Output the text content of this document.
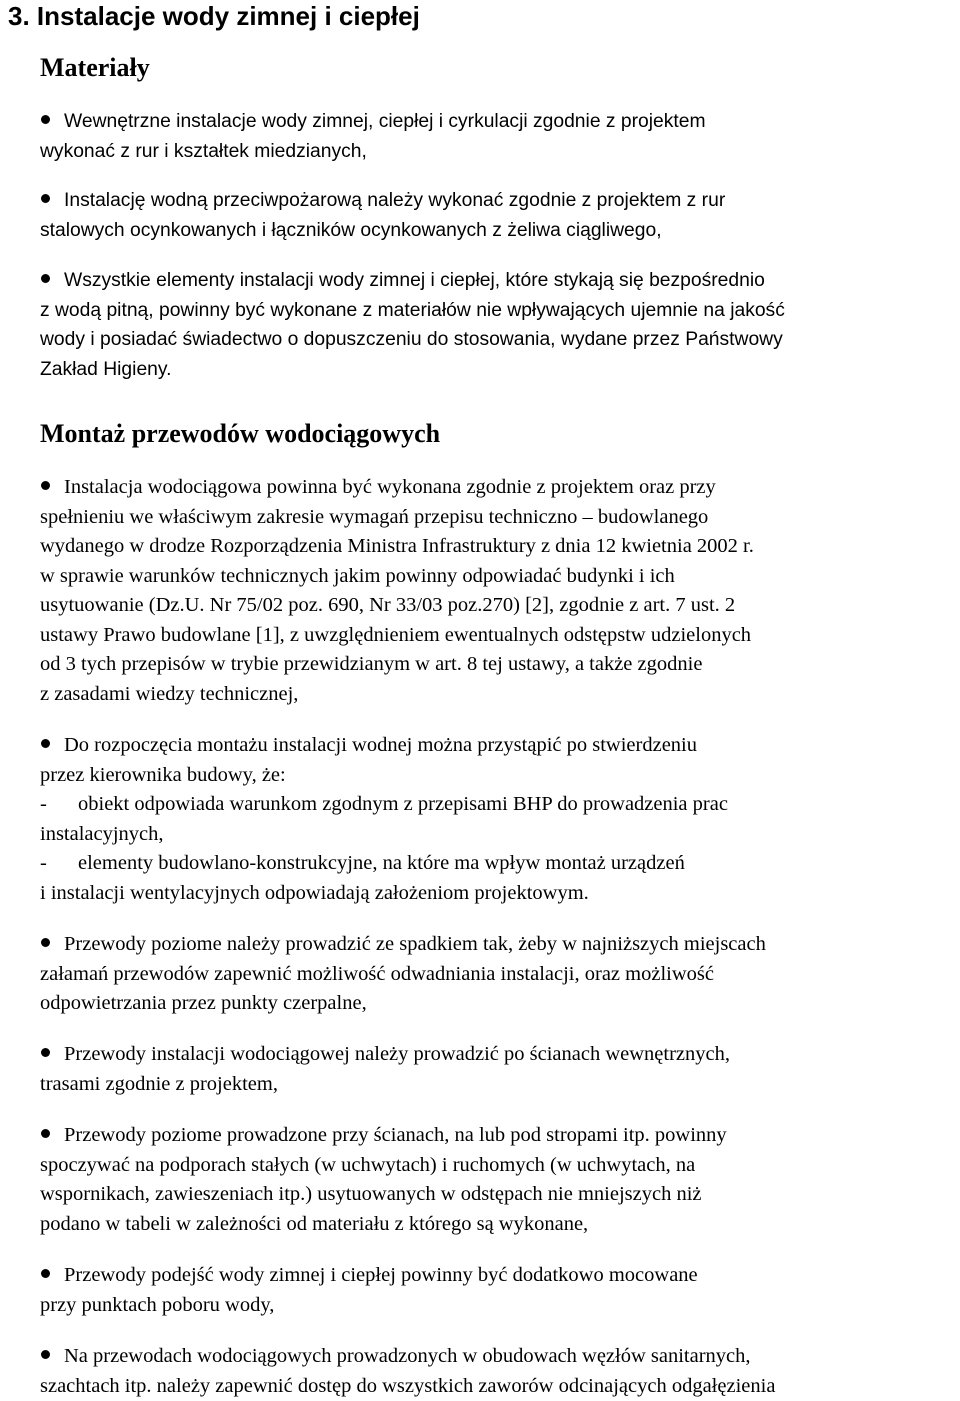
3. Instalacje wody zimnej i ciepłej
Materiały

Wewnętrzne instalacje wody zimnej, ciepłej i cyrkulacji zgodnie z projektem
wykonać z rur i kształtek miedzianych,

Instalację wodną przeciwpożarową należy wykonać zgodnie z projektem z rur
stalowych ocynkowanych i łączników ocynkowanych z żeliwa ciągliwego,

Wszystkie elementy instalacji wody zimnej i ciepłej, które stykają się bezpośrednio
z wodą pitną, powinny być wykonane z materiałów nie wpływających ujemnie na jakość
wody i posiadać świadectwo o dopuszczeniu do stosowania, wydane przez Państwowy
Zakład Higieny.

Montaż przewodów wodociągowych

Instalacja wodociągowa powinna być wykonana zgodnie z projektem oraz przy
spełnieniu we właściwym zakresie wymagań przepisu techniczno – budowlanego
wydanego w drodze Rozporządzenia Ministra Infrastruktury z dnia 12 kwietnia 2002 r.
w sprawie warunków technicznych jakim powinny odpowiadać budynki i ich
usytuowanie (Dz.U. Nr 75/02 poz. 690, Nr 33/03 poz.270) [2], zgodnie z art. 7 ust. 2
ustawy Prawo budowlane [1], z uwzględnieniem ewentualnych odstępstw udzielonych
od 3 tych przepisów w trybie przewidzianym w art. 8 tej ustawy, a także zgodnie
z zasadami wiedzy technicznej,

Do rozpoczęcia montażu instalacji wodnej można przystąpić po stwierdzeniu
przez kierownika budowy, że:
- obiekt odpowiada warunkom zgodnym z przepisami BHP do prowadzenia prac
instalacyjnych,
- elementy budowlano-konstrukcyjne, na które ma wpływ montaż urządzeń
i instalacji wentylacyjnych odpowiadają założeniom projektowym.

Przewody poziome należy prowadzić ze spadkiem tak, żeby w najniższych miejscach
załamań przewodów zapewnić możliwość odwadniania instalacji, oraz możliwość
odpowietrzania przez punkty czerpalne,

Przewody instalacji wodociągowej należy prowadzić po ścianach wewnętrznych,
trasami zgodnie z projektem,

Przewody poziome prowadzone przy ścianach, na lub pod stropami itp. powinny
spoczywać na podporach stałych (w uchwytach) i ruchomych (w uchwytach, na
wspornikach, zawieszeniach itp.) usytuowanych w odstępach nie mniejszych niż
podano w tabeli w zależności od materiału z którego są wykonane,

Przewody podejść wody zimnej i ciepłej powinny być dodatkowo mocowane
przy punktach poboru wody,

Na przewodach wodociągowych prowadzonych w obudowach węzłów sanitarnych,
szachtach itp. należy zapewnić dostęp do wszystkich zaworów odcinających odgałęzienia
